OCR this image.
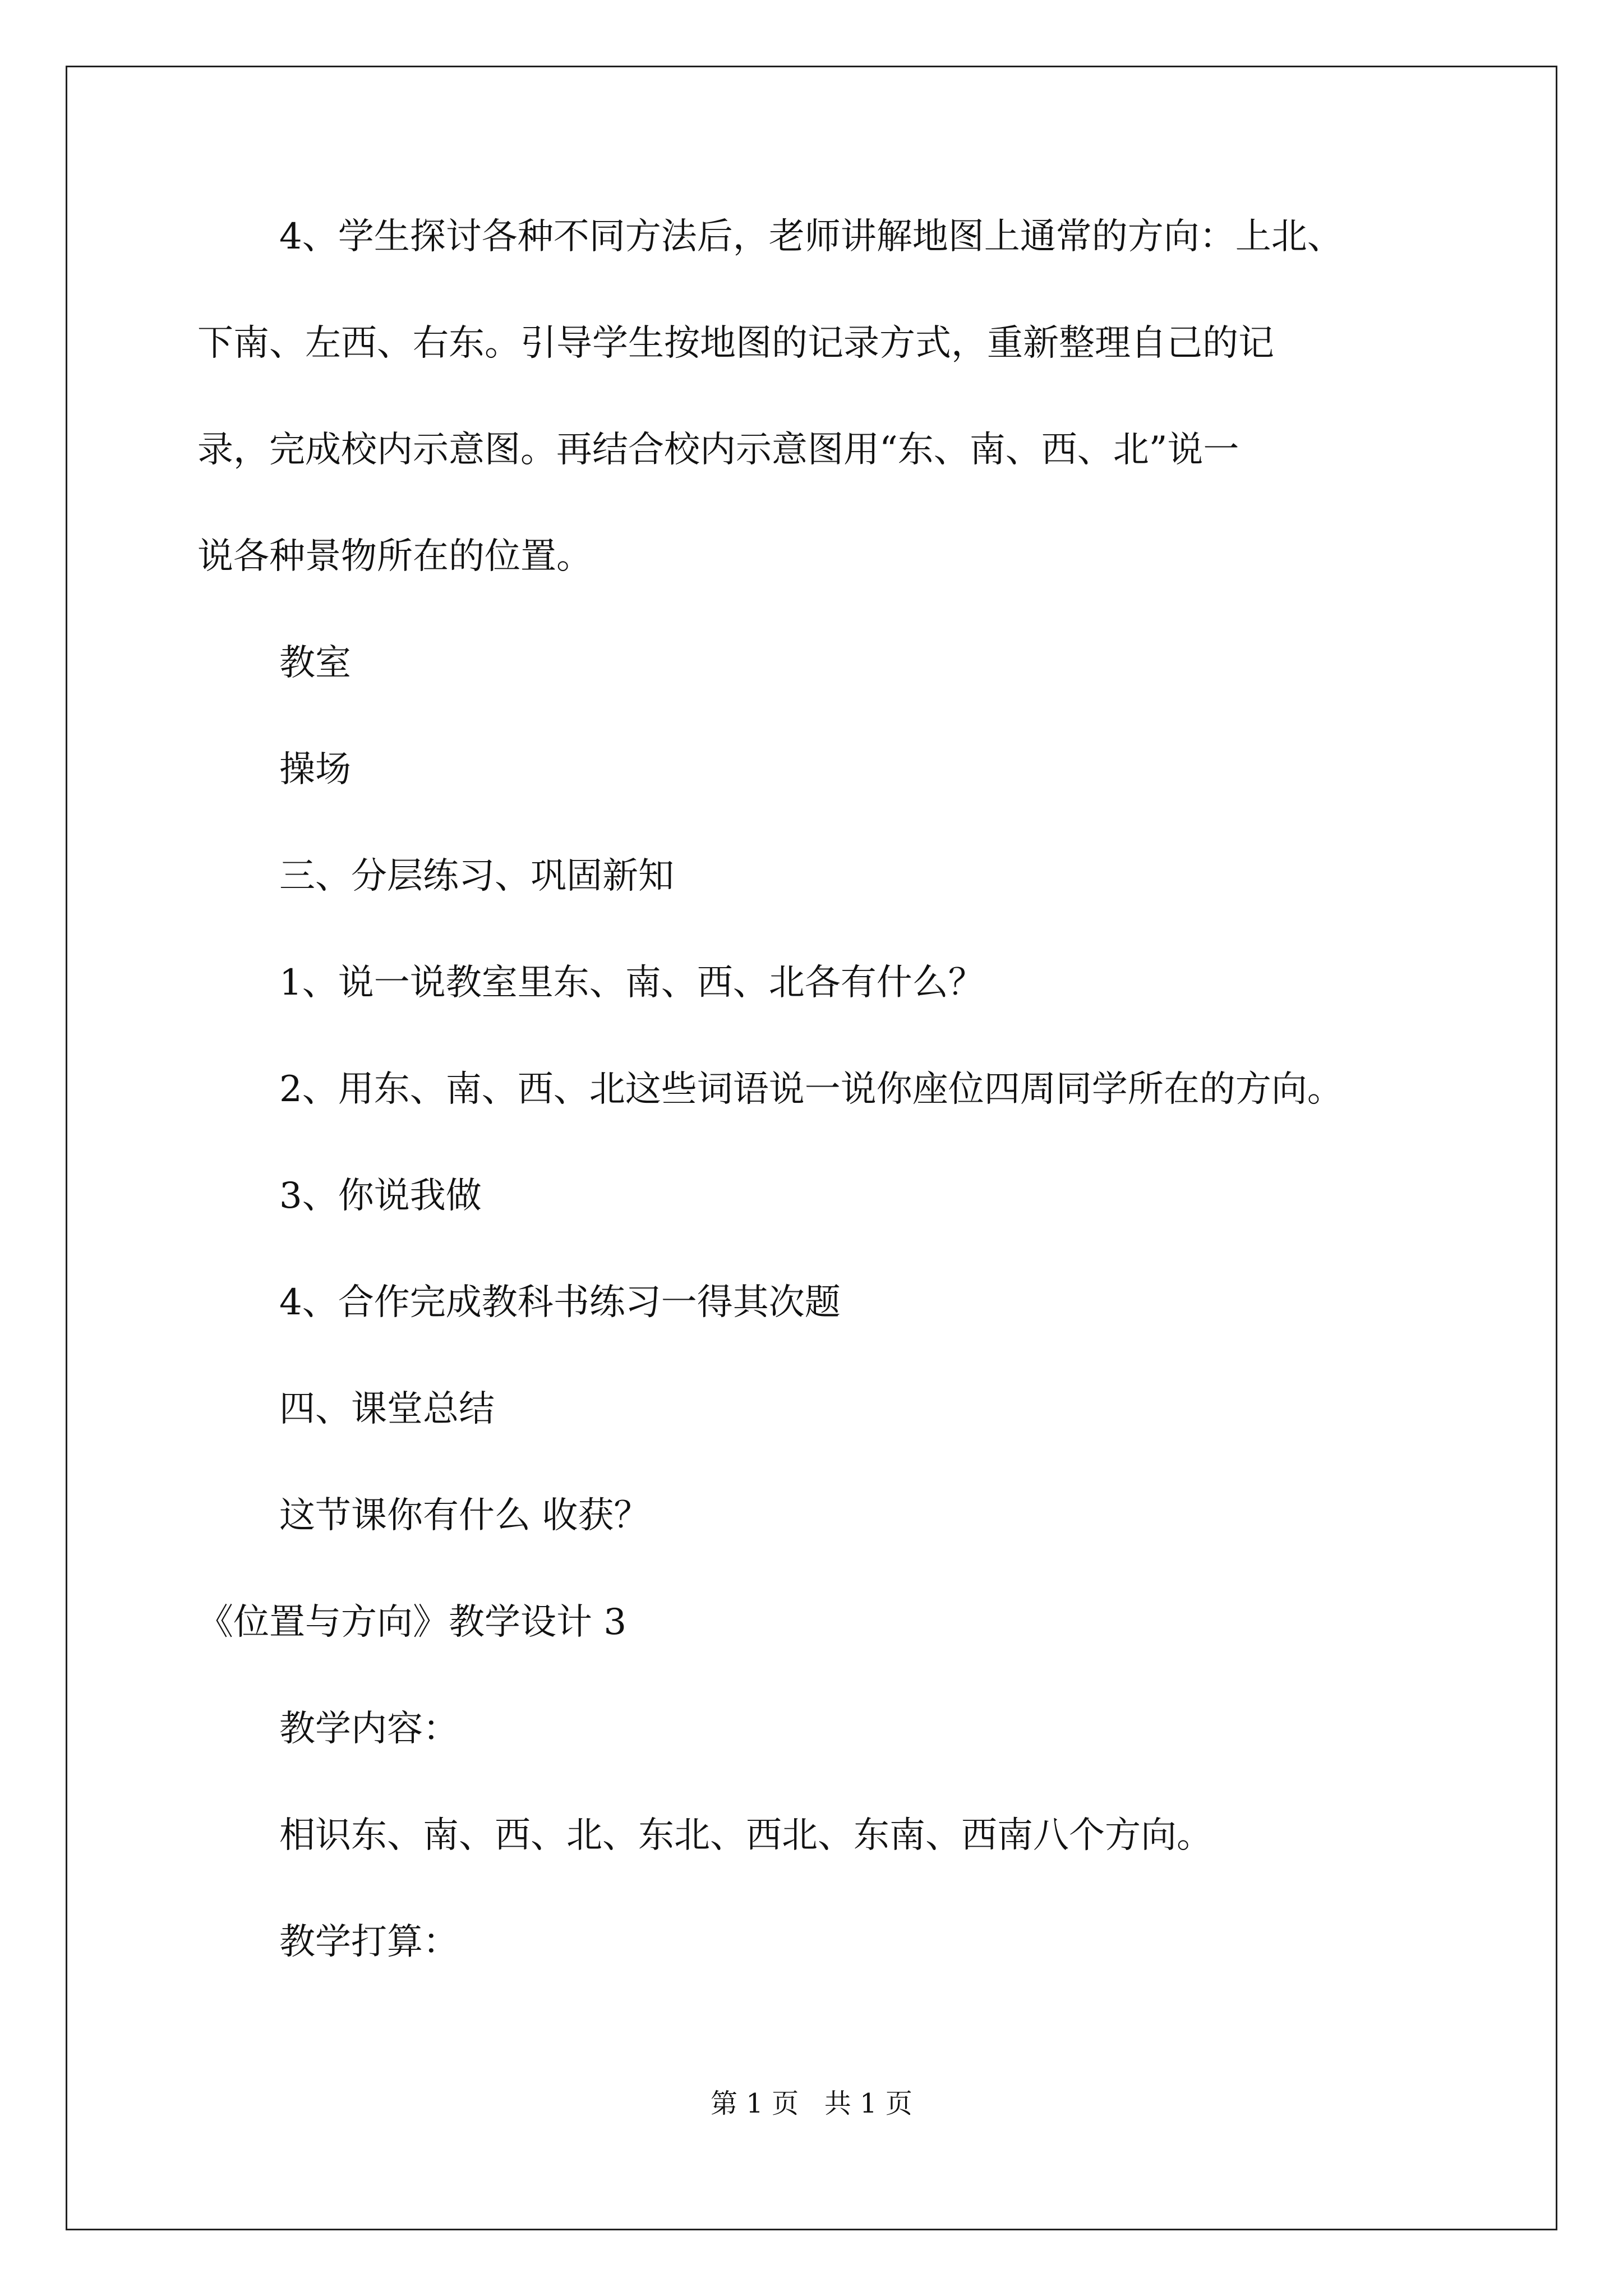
4、学生探讨各种不同方法后，老师讲解地图上通常的方向：上北、
下南、左西、右东。引导学生按地图的记录方式，重新整理自己的记
录，完成校内示意图。再结合校内示意图用“东、南、西、北”说一
说各种景物所在的位置。
教室
操场
三、分层练习、巩固新知
1、说一说教室里东、南、西、北各有什么？
2、用东、南、西、北这些词语说一说你座位四周同学所在的方向。
3、你说我做
4、合作完成教科书练习一得其次题
四、课堂总结
这节课你有什么 收获？
《位置与方向》教学设计 3
教学内容：
相识东、南、西、北、东北、西北、东南、西南八个方向。
教学打算：
第 1 页   共 1 页
